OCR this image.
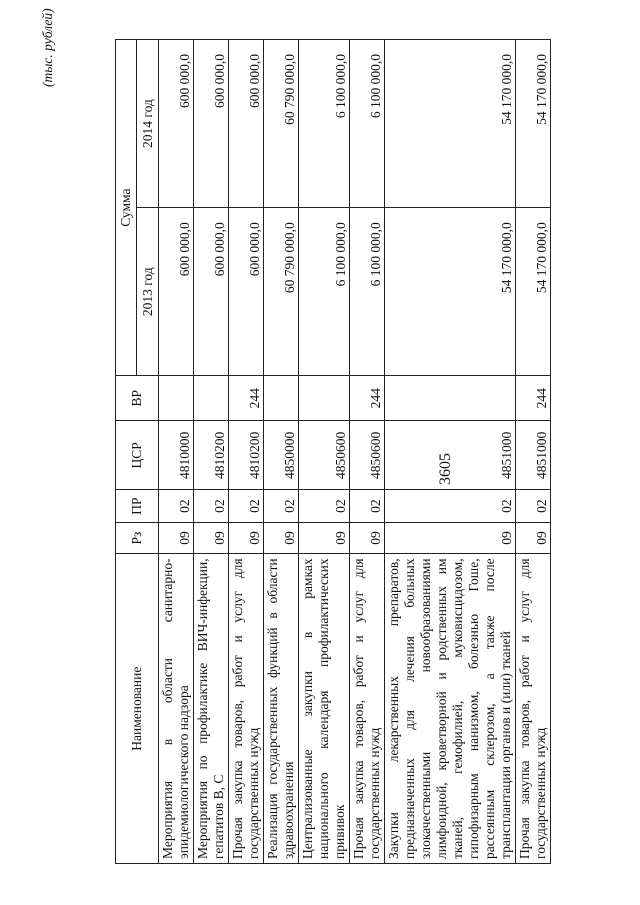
3605
(тыс. рублей)
Наименование	Рз	ПР	ЦСР	ВР	Сумма	
					2013 год	2014 год
Мероприятия в области санитарно-эпидемиологического надзора	09	02	4810000		600 000,0	600 000,0
Мероприятия по профилактике ВИЧ-инфекции, гепатитов В, С	09	02	4810200		600 000,0	600 000,0
Прочая закупка товаров, работ и услуг для государственных нужд	09	02	4810200	244	600 000,0	600 000,0
Реализация государственных функций в области здравоохранения	09	02	4850000		60 790 000,0	60 790 000,0
Централизованные закупки в рамках национального календаря профилактических прививок	09	02	4850600		6 100 000,0	6 100 000,0
Прочая закупка товаров, работ и услуг для государственных нужд	09	02	4850600	244	6 100 000,0	6 100 000,0
Закупки лекарственных препаратов, предназначенных для лечения больных злокачественными новообразованиями лимфоидной, кроветворной и родственных им тканей, гемофилией, муковисцидозом, гипофизарным нанизмом, болезнью Гоше, рассеянным склерозом, а также после трансплантации органов и (или) тканей	09	02	4851000		54 170 000,0	54 170 000,0
Прочая закупка товаров, работ и услуг для государственных нужд	09	02	4851000	244	54 170 000,0	54 170 000,0
